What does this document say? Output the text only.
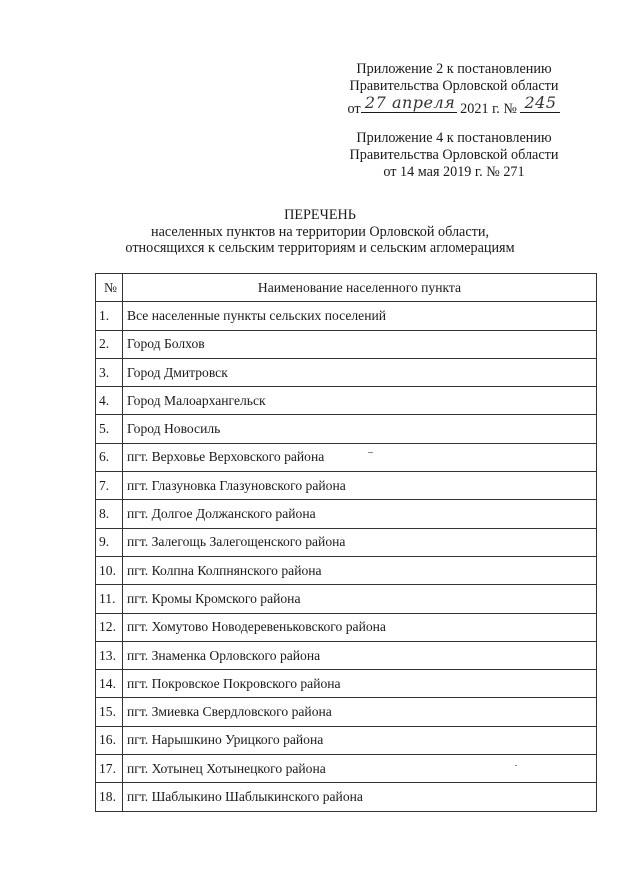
Приложение 2 к постановлению
Правительства Орловской области
от 27 апреля 2021 г. № 245
Приложение 4 к постановлению
Правительства Орловской области
от 14 мая 2019 г. № 271
ПЕРЕЧЕНЬ
населенных пунктов на территории Орловской области,
относящихся к сельским территориям и сельским агломерациям
№	Наименование населенного пункта
1.	Все населенные пункты сельских поселений
2.	Город Болхов
3.	Город Дмитровск
4.	Город Малоархангельск
5.	Город Новосиль
6.	пгт. Верховье Верховского района
7.	пгт. Глазуновка Глазуновского района
8.	пгт. Долгое Должанского района
9.	пгт. Залегощь Залегощенского района
10.	пгт. Колпна Колпнянского района
11.	пгт. Кромы Кромского района
12.	пгт. Хомутово Новодеревеньковского района
13.	пгт. Знаменка Орловского района
14.	пгт. Покровское Покровского района
15.	пгт. Змиевка Свердловского района
16.	пгт. Нарышкино Урицкого района
17.	пгт. Хотынец Хотынецкого района
18.	пгт. Шаблыкино Шаблыкинского района
